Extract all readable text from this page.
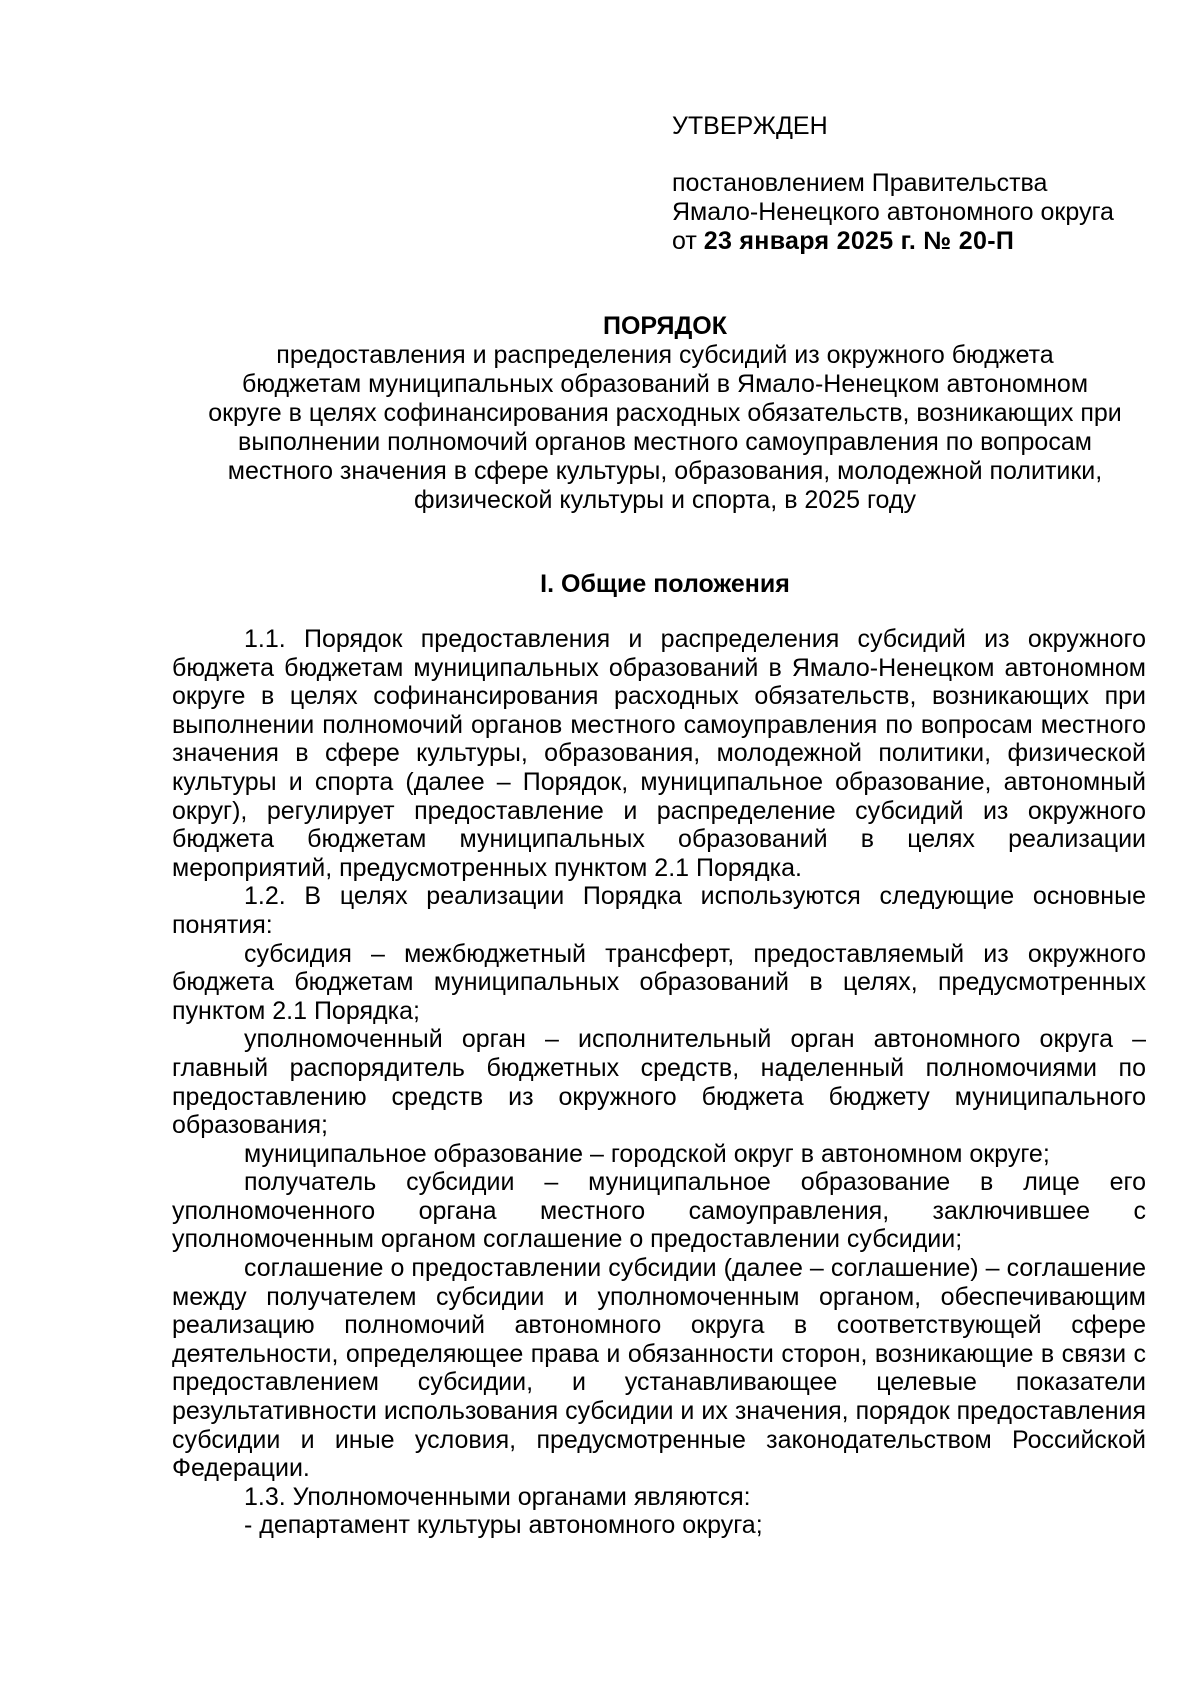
УТВЕРЖДЕН
постановлением Правительства
Ямало-Ненецкого автономного округа
от 23 января 2025 г. № 20-П
ПОРЯДОК
предоставления и распределения субсидий из окружного бюджета
бюджетам муниципальных образований в Ямало-Ненецком автономном
округе в целях софинансирования расходных обязательств, возникающих при
выполнении полномочий органов местного самоуправления по вопросам
местного значения в сфере культуры, образования, молодежной политики,
физической культуры и спорта, в 2025 году
I. Общие положения

1.1. Порядок предоставления и распределения субсидий из окружного бюджета бюджетам муниципальных образований в Ямало-Ненецком автономном округе в целях софинансирования расходных обязательств, возникающих при выполнении полномочий органов местного самоуправления по вопросам местного значения в сфере культуры, образования, молодежной политики, физической культуры и спорта (далее – Порядок, муниципальное образование, автономный округ), регулирует предоставление и распределение субсидий из окружного бюджета бюджетам муниципальных образований в целях реализации мероприятий, предусмотренных пунктом 2.1 Порядка.

1.2. В целях реализации Порядка используются следующие основные понятия:

субсидия – межбюджетный трансферт, предоставляемый из окружного бюджета бюджетам муниципальных образований в целях, предусмотренных пунктом 2.1 Порядка;

уполномоченный орган – исполнительный орган автономного округа – главный распорядитель бюджетных средств, наделенный полномочиями по предоставлению средств из окружного бюджета бюджету муниципального образования;

муниципальное образование – городской округ в автономном округе;

получатель субсидии – муниципальное образование в лице его уполномоченного органа местного самоуправления, заключившее с уполномоченным органом соглашение о предоставлении субсидии;

соглашение о предоставлении субсидии (далее – соглашение) – соглашение между получателем субсидии и уполномоченным органом, обеспечивающим реализацию полномочий автономного округа в соответствующей сфере деятельности, определяющее права и обязанности сторон, возникающие в связи с предоставлением субсидии, и устанавливающее целевые показатели результативности использования субсидии и их значения, порядок предоставления субсидии и иные условия, предусмотренные законодательством Российской Федерации.

1.3. Уполномоченными органами являются:

- департамент культуры автономного округа;
